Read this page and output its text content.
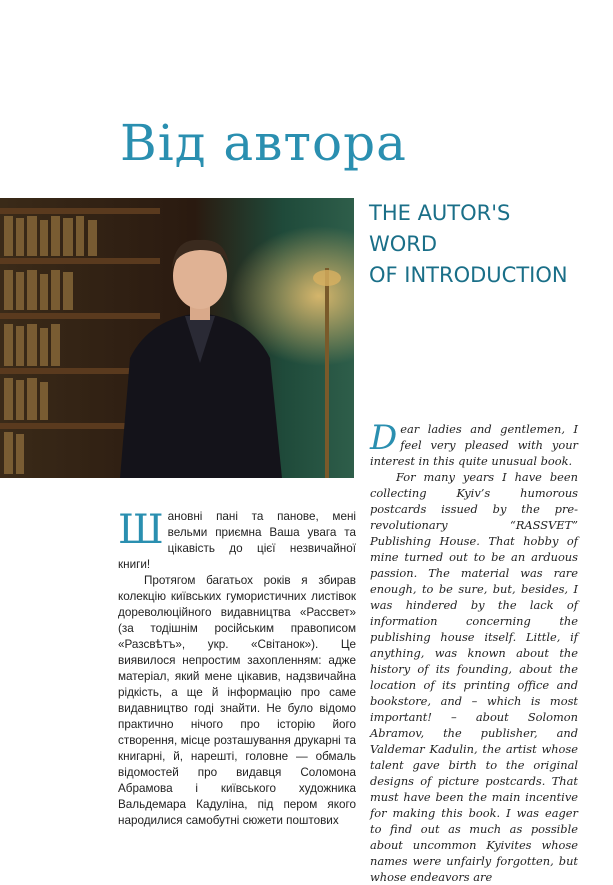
Від автора
THE AUTOR'S
WORD
OF INTRODUCTION

Dear ladies and gentlemen, I feel very pleased with your interest in this quite unusual book.

For many years I have been collecting Kyiv’s humorous postcards issued by the pre-revolutionary “RASSVET” Publishing House. That hobby of mine turned out to be an arduous passion. The material was rare enough, to be sure, but, besides, I was hindered by the lack of information concerning the publishing house itself. Little, if anything, was known about the history of its founding, about the location of its printing office and bookstore, and – which is most important! – about Solomon Abramov, the publisher, and Valdemar Kadulin, the artist whose talent gave birth to the original designs of picture postcards. That must have been the main incentive for making this book. I was eager to find out as much as possible about uncommon Kyivites whose names were unfairly forgotten, but whose endeavors are

Шановні пані та панове, мені вельми приємна Ваша увага та цікавість до цієї незвичайної книги!

Протягом багатьох років я збирав колекцію київських гумористичних листівок дореволюційного видавництва «Рассвет» (за тодішнім російським правописом «Разсвѣтъ», укр. «Світанок»). Це виявилося непростим захопленням: адже матеріал, який мене цікавив, надзвичайна рідкість, а ще й інформацію про саме видавництво годі знайти. Не було відомо практично нічого про історію його створення, місце розташування друкарні та книгарні, й, нарешті, головне — обмаль відомостей про видавця Соломона Абрамова і київського художника Вальдемара Кадуліна, під пером якого народилися самобутні сюжети поштових
